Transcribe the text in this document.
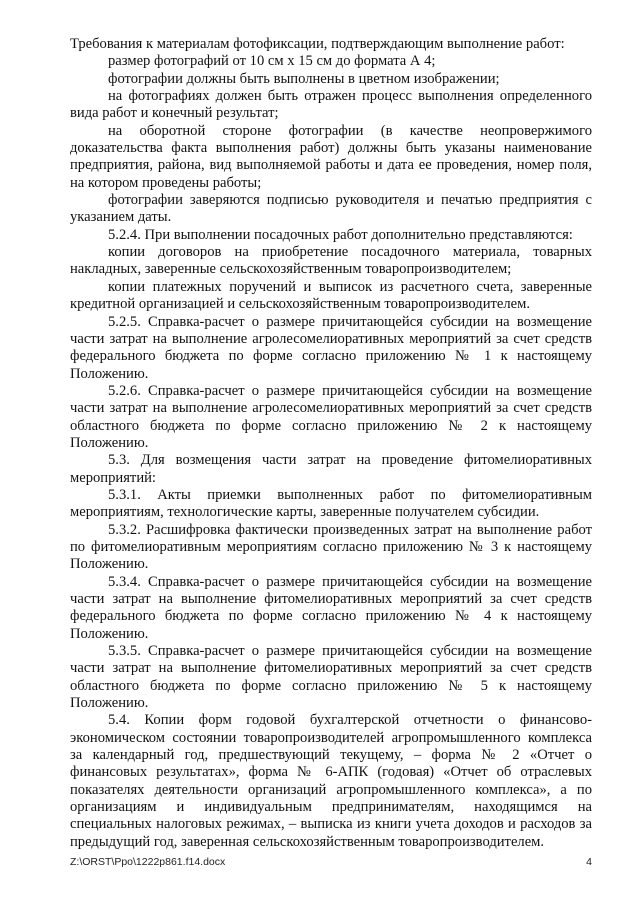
Требования к материалам фотофиксации, подтверждающим выполнение работ:

размер фотографий от 10 см x 15 см до формата А 4;

фотографии должны быть выполнены в цветном изображении;

на фотографиях должен быть отражен процесс выполнения определенного вида работ и конечный результат;

на оборотной стороне фотографии (в качестве неопровержимого доказательства факта выполнения работ) должны быть указаны наименование предприятия, района, вид выполняемой работы и дата ее проведения, номер поля, на котором проведены работы;

фотографии заверяются подписью руководителя и печатью предприятия с указанием даты.

5.2.4. При выполнении посадочных работ дополнительно представляются:

копии договоров на приобретение посадочного материала, товарных накладных, заверенные сельскохозяйственным товаропроизводителем;

копии платежных поручений и выписок из расчетного счета, заверенные кредитной организацией и сельскохозяйственным товаропроизводителем.

5.2.5. Справка-расчет о размере причитающейся субсидии на возмещение части затрат на выполнение агролесомелиоративных мероприятий за счет средств федерального бюджета по форме согласно приложению № 1 к настоящему Положению.

5.2.6. Справка-расчет о размере причитающейся субсидии на возмещение части затрат на выполнение агролесомелиоративных мероприятий за счет средств областного бюджета по форме согласно приложению № 2 к настоящему Положению.

5.3. Для возмещения части затрат на проведение фитомелиоративных мероприятий:

5.3.1. Акты приемки выполненных работ по фитомелиоративным мероприятиям, технологические карты, заверенные получателем субсидии.

5.3.2. Расшифровка фактически произведенных затрат на выполнение работ по фитомелиоративным мероприятиям согласно приложению № 3 к настоящему Положению.

5.3.4. Справка-расчет о размере причитающейся субсидии на возмещение части затрат на выполнение фитомелиоративных мероприятий за счет средств федерального бюджета по форме согласно приложению № 4 к настоящему Положению.

5.3.5. Справка-расчет о размере причитающейся субсидии на возмещение части затрат на выполнение фитомелиоративных мероприятий за счет средств областного бюджета по форме согласно приложению № 5 к настоящему Положению.

5.4. Копии форм годовой бухгалтерской отчетности о финансово-экономическом состоянии товаропроизводителей агропромышленного комплекса за календарный год, предшествующий текущему, – форма № 2 «Отчет о финансовых результатах», форма № 6-АПК (годовая) «Отчет об отраслевых показателях деятельности организаций агропромышленного комплекса», а по организациям и индивидуальным предпринимателям, находящимся на специальных налоговых режимах, – выписка из книги учета доходов и расходов за предыдущий год, заверенная сельскохозяйственным товаропроизводителем.

Z:\ORST\Ppo\1222p861.f14.docx	4
